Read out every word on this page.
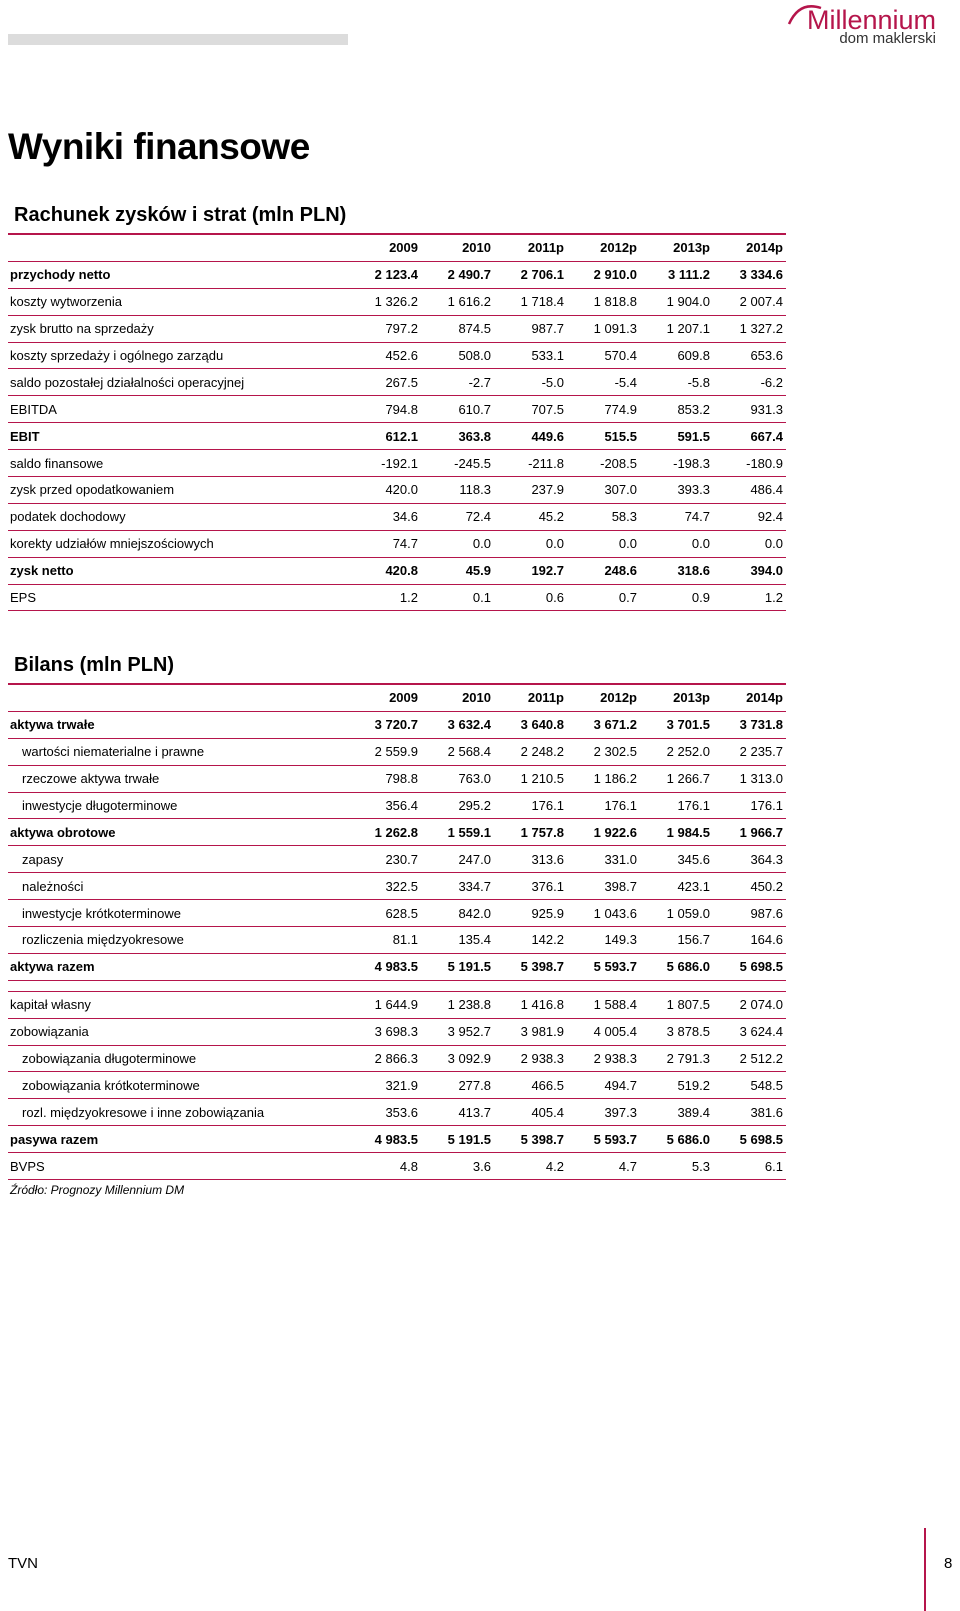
Millennium
dom maklerski
Wyniki finansowe
Rachunek zysków i strat (mln PLN)
	2009	2010	2011p	2012p	2013p	2014p
przychody netto	2 123.4	2 490.7	2 706.1	2 910.0	3 111.2	3 334.6
koszty wytworzenia	1 326.2	1 616.2	1 718.4	1 818.8	1 904.0	2 007.4
zysk brutto na sprzedaży	797.2	874.5	987.7	1 091.3	1 207.1	1 327.2
koszty sprzedaży i ogólnego zarządu	452.6	508.0	533.1	570.4	609.8	653.6
saldo pozostałej działalności operacyjnej	267.5	-2.7	-5.0	-5.4	-5.8	-6.2
EBITDA	794.8	610.7	707.5	774.9	853.2	931.3
EBIT	612.1	363.8	449.6	515.5	591.5	667.4
saldo finansowe	-192.1	-245.5	-211.8	-208.5	-198.3	-180.9
zysk przed opodatkowaniem	420.0	118.3	237.9	307.0	393.3	486.4
podatek dochodowy	34.6	72.4	45.2	58.3	74.7	92.4
korekty udziałów mniejszościowych	74.7	0.0	0.0	0.0	0.0	0.0
zysk netto	420.8	45.9	192.7	248.6	318.6	394.0
EPS	1.2	0.1	0.6	0.7	0.9	1.2
Bilans (mln PLN)
	2009	2010	2011p	2012p	2013p	2014p
aktywa trwałe	3 720.7	3 632.4	3 640.8	3 671.2	3 701.5	3 731.8
wartości niematerialne i prawne	2 559.9	2 568.4	2 248.2	2 302.5	2 252.0	2 235.7
rzeczowe aktywa trwałe	798.8	763.0	1 210.5	1 186.2	1 266.7	1 313.0
inwestycje długoterminowe	356.4	295.2	176.1	176.1	176.1	176.1
aktywa obrotowe	1 262.8	1 559.1	1 757.8	1 922.6	1 984.5	1 966.7
zapasy	230.7	247.0	313.6	331.0	345.6	364.3
należności	322.5	334.7	376.1	398.7	423.1	450.2
inwestycje krótkoterminowe	628.5	842.0	925.9	1 043.6	1 059.0	987.6
rozliczenia międzyokresowe	81.1	135.4	142.2	149.3	156.7	164.6
aktywa razem	4 983.5	5 191.5	5 398.7	5 593.7	5 686.0	5 698.5

kapitał własny	1 644.9	1 238.8	1 416.8	1 588.4	1 807.5	2 074.0
zobowiązania	3 698.3	3 952.7	3 981.9	4 005.4	3 878.5	3 624.4
zobowiązania długoterminowe	2 866.3	3 092.9	2 938.3	2 938.3	2 791.3	2 512.2
zobowiązania krótkoterminowe	321.9	277.8	466.5	494.7	519.2	548.5
rozl. międzyokresowe i inne zobowiązania	353.6	413.7	405.4	397.3	389.4	381.6
pasywa razem	4 983.5	5 191.5	5 398.7	5 593.7	5 686.0	5 698.5
BVPS	4.8	3.6	4.2	4.7	5.3	6.1
Źródło: Prognozy Millennium DM
TVN	8
